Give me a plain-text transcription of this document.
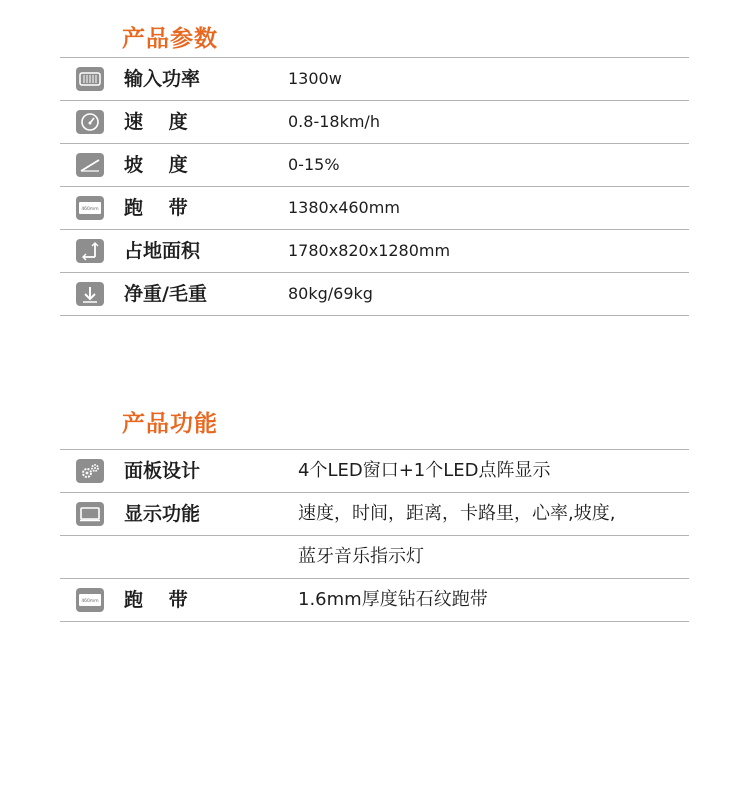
产品参数
输入功率	1300w
速　 度	0.8-18km/h
坡　 度	0-15%
460mm 跑　 带	1380x460mm
占地面积	1780x820x1280mm
净重/毛重	80kg/69kg
产品功能
面板设计	4个LED窗口+1个LED点阵显示
显示功能	速度，时间，距离，卡路里，心率,坡度,
蓝牙音乐指示灯
460mm 跑　 带	1.6mm厚度钻石纹跑带
